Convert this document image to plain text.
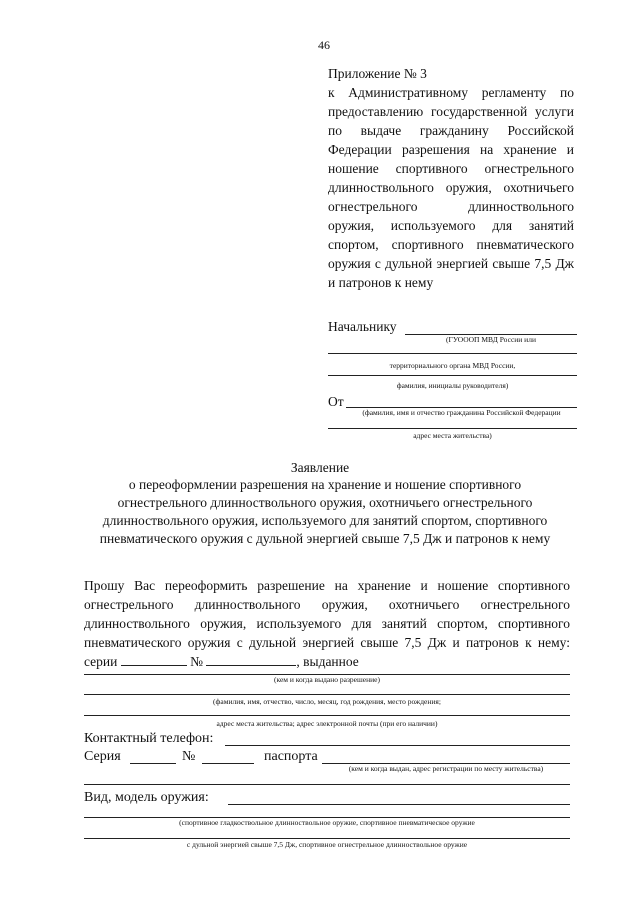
46
Приложение № 3
к Административному регламенту по предоставлению государственной услуги по выдаче гражданину Российской Федерации разрешения на хранение и ношение спортивного огнестрельного длинноствольного оружия, охотничьего огнестрельного длинноствольного оружия, используемого для занятий спортом, спортивного пневматического оружия с дульной энергией свыше 7,5 Дж и патронов к нему
Начальнику
(ГУОООП МВД России или
территориального органа МВД России,
фамилия, инициалы руководителя)
От
(фамилия, имя и отчество гражданина Российской Федерации
адрес места жительства)
Заявление
о переоформлении разрешения на хранение и ношение спортивного огнестрельного длинноствольного оружия, охотничьего огнестрельного длинноствольного оружия, используемого для занятий спортом, спортивного пневматического оружия с дульной энергией свыше 7,5 Дж и патронов к нему
Прошу Вас переоформить разрешение на хранение и ношение спортивного огнестрельного длинноствольного оружия, охотничьего огнестрельного длинноствольного оружия, используемого для занятий спортом, спортивного пневматического оружия с дульной энергией свыше 7,5 Дж и патронов к нему: серии	№	, выданное
(кем и когда выдано разрешение)
(фамилия, имя, отчество, число, месяц, год рождения, место рождения;
адрес места жительства; адрес электронной почты (при его наличии)
Контактный телефон:
Серия	№	паспорта
(кем и когда выдан, адрес регистрации по месту жительства)
Вид, модель оружия:
(спортивное гладкоствольное длинноствольное оружие, спортивное пневматическое оружие
с дульной энергией свыше 7,5 Дж, спортивное огнестрельное длинноствольное оружие
